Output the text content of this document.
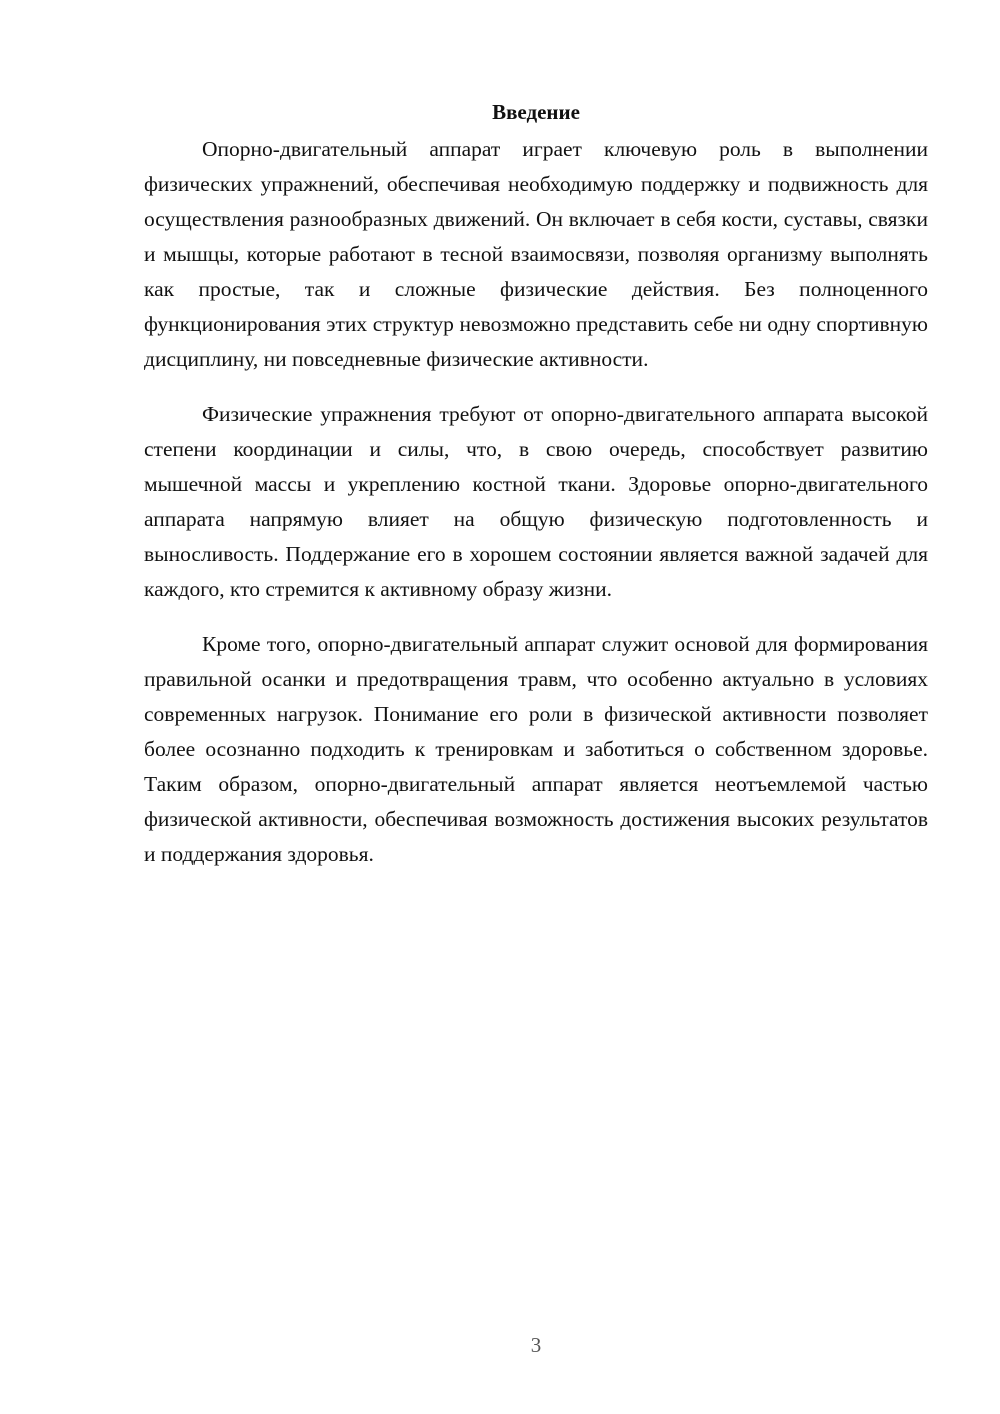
Введение

Опорно-двигательный аппарат играет ключевую роль в выполнении физических упражнений, обеспечивая необходимую поддержку и подвижность для осуществления разнообразных движений. Он включает в себя кости, суставы, связки и мышцы, которые работают в тесной взаимосвязи, позволяя организму выполнять как простые, так и сложные физические действия. Без полноценного функционирования этих структур невозможно представить себе ни одну спортивную дисциплину, ни повседневные физические активности.

Физические упражнения требуют от опорно-двигательного аппарата высокой степени координации и силы, что, в свою очередь, способствует развитию мышечной массы и укреплению костной ткани. Здоровье опорно-двигательного аппарата напрямую влияет на общую физическую подготовленность и выносливость. Поддержание его в хорошем состоянии является важной задачей для каждого, кто стремится к активному образу жизни.

Кроме того, опорно-двигательный аппарат служит основой для формирования правильной осанки и предотвращения травм, что особенно актуально в условиях современных нагрузок. Понимание его роли в физической активности позволяет более осознанно подходить к тренировкам и заботиться о собственном здоровье. Таким образом, опорно-двигательный аппарат является неотъемлемой частью физической активности, обеспечивая возможность достижения высоких результатов и поддержания здоровья.

3
